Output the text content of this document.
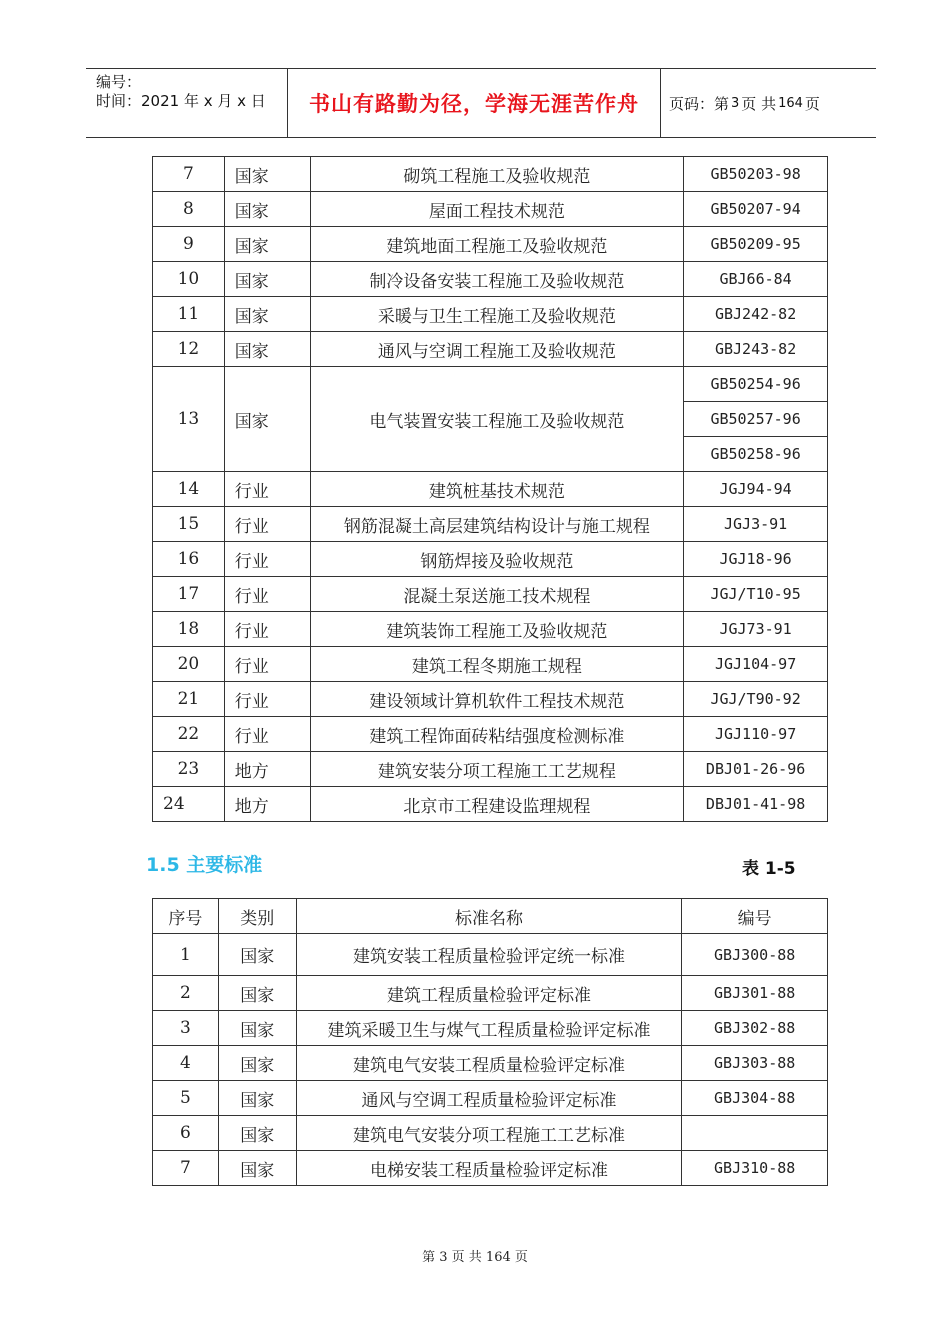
编号：
时间：2021 年 x 月 x 日	书山有路勤为径，学海无涯苦作舟	页码：第 3 页 共 164 页
7	国家	砌筑工程施工及验收规范	GB50203-98
8	国家	屋面工程技术规范	GB50207-94
9	国家	建筑地面工程施工及验收规范	GB50209-95
10	国家	制冷设备安装工程施工及验收规范	GBJ66-84
11	国家	采暖与卫生工程施工及验收规范	GBJ242-82
12	国家	通风与空调工程施工及验收规范	GBJ243-82
13	国家	电气装置安装工程施工及验收规范	GB50254-96
			GB50257-96
			GB50258-96
14	行业	建筑桩基技术规范	JGJ94-94
15	行业	钢筋混凝土高层建筑结构设计与施工规程	JGJ3-91
16	行业	钢筋焊接及验收规范	JGJ18-96
17	行业	混凝土泵送施工技术规程	JGJ/T10-95
18	行业	建筑装饰工程施工及验收规范	JGJ73-91
20	行业	建筑工程冬期施工规程	JGJ104-97
21	行业	建设领域计算机软件工程技术规范	JGJ/T90-92
22	行业	建筑工程饰面砖粘结强度检测标准	JGJ110-97
23	地方	建筑安装分项工程施工工艺规程	DBJ01-26-96
24	地方	北京市工程建设监理规程	DBJ01-41-98
1.5 主要标准	表 1-5
序号	类别	标准名称	编号
1	国家	建筑安装工程质量检验评定统一标准	GBJ300-88
2	国家	建筑工程质量检验评定标准	GBJ301-88
3	国家	建筑采暖卫生与煤气工程质量检验评定标准	GBJ302-88
4	国家	建筑电气安装工程质量检验评定标准	GBJ303-88
5	国家	通风与空调工程质量检验评定标准	GBJ304-88
6	国家	建筑电气安装分项工程施工工艺标准	
7	国家	电梯安装工程质量检验评定标准	GBJ310-88
第 3 页 共 164 页
